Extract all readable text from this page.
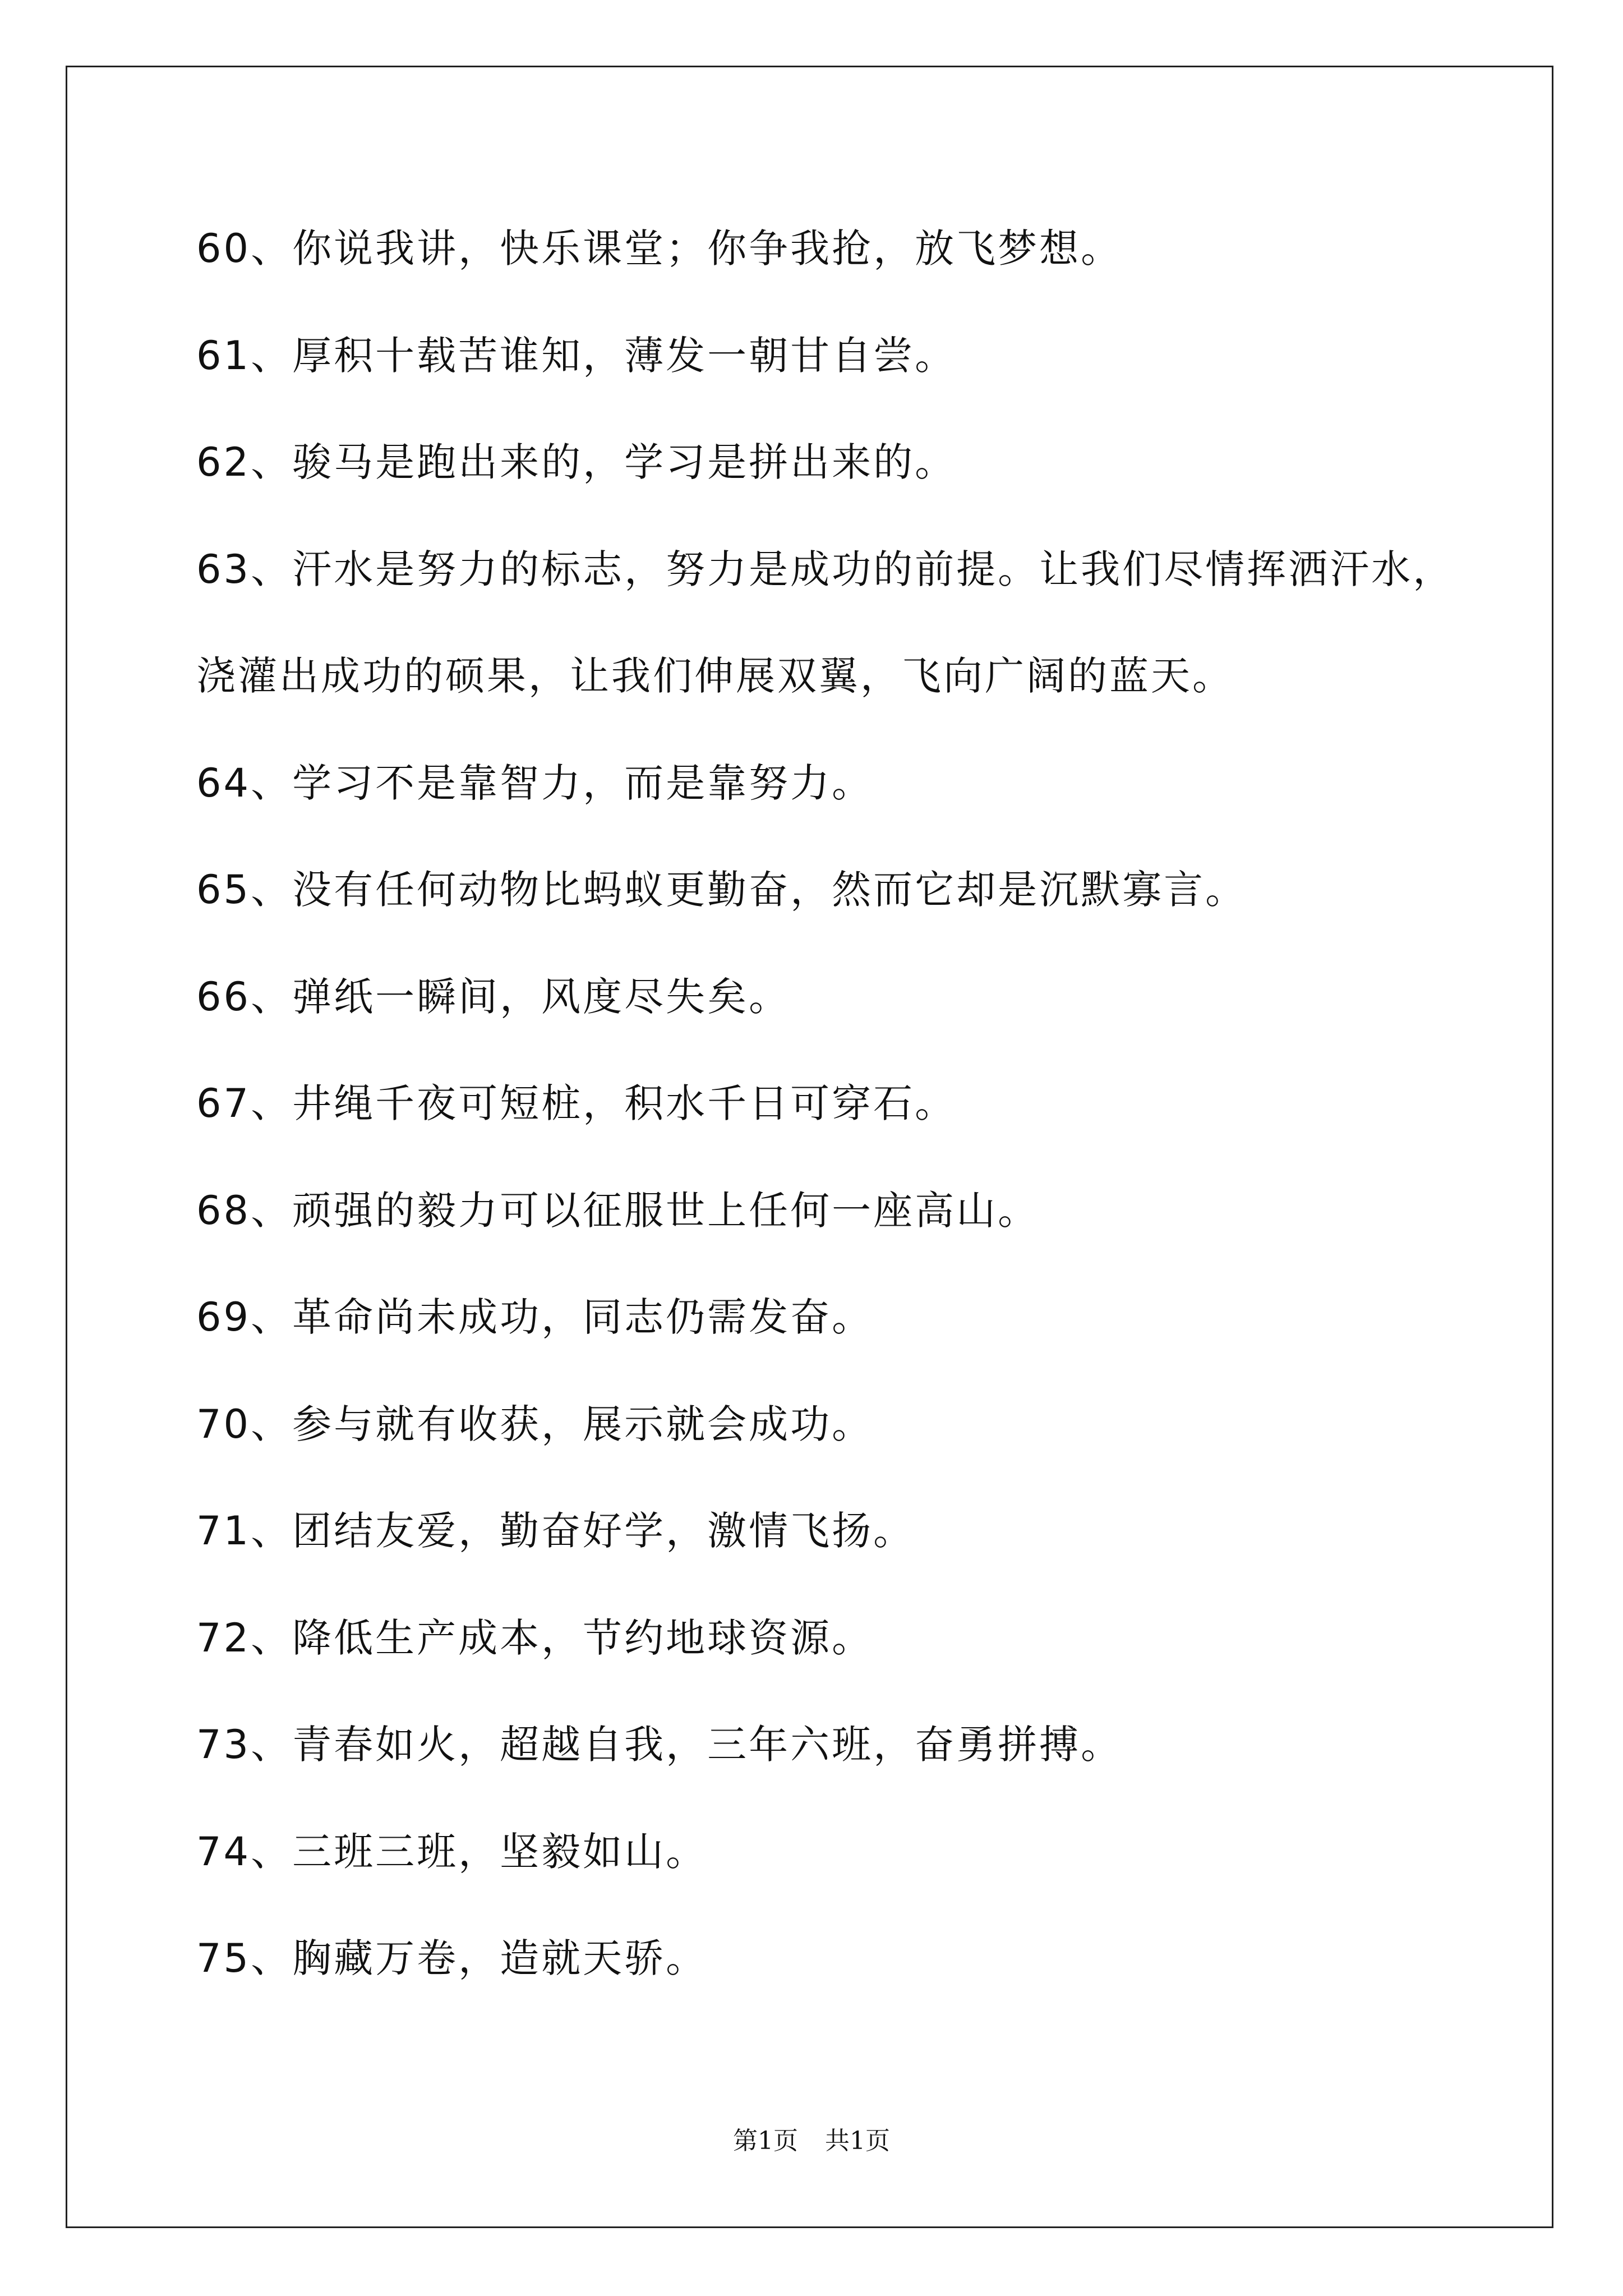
60、你说我讲，快乐课堂；你争我抢，放飞梦想。
61、厚积十载苦谁知，薄发一朝甘自尝。
62、骏马是跑出来的，学习是拼出来的。
63、汗水是努力的标志，努力是成功的前提。让我们尽情挥洒汗水，
浇灌出成功的硕果，让我们伸展双翼，飞向广阔的蓝天。
64、学习不是靠智力，而是靠努力。
65、没有任何动物比蚂蚁更勤奋，然而它却是沉默寡言。
66、弹纸一瞬间，风度尽失矣。
67、井绳千夜可短桩，积水千日可穿石。
68、顽强的毅力可以征服世上任何一座高山。
69、革命尚未成功，同志仍需发奋。
70、参与就有收获，展示就会成功。
71、团结友爱，勤奋好学，激情飞扬。
72、降低生产成本，节约地球资源。
73、青春如火，超越自我，三年六班，奋勇拼搏。
74、三班三班，坚毅如山。
75、胸藏万卷，造就天骄。
第1页 共1页
